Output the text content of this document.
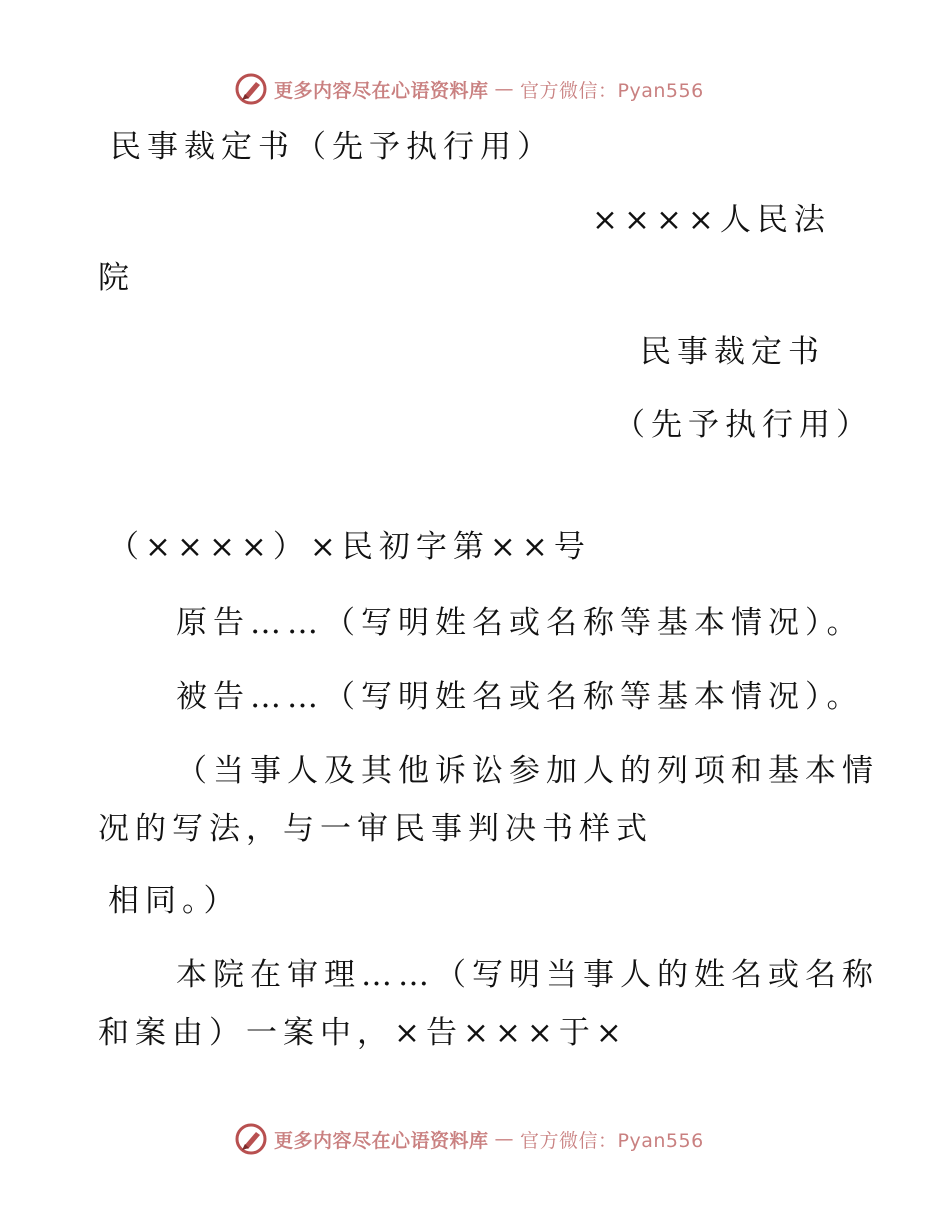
更多内容尽在心语资料库 — 官方微信：Pyan556
民事裁定书（先予执行用）
××××人民法
院
民事裁定书
（先予执行用）
（××××）×民初字第××号
原告……（写明姓名或名称等基本情况）。
被告……（写明姓名或名称等基本情况）。
（当事人及其他诉讼参加人的列项和基本情
况的写法，与一审民事判决书样式
相同。）
本院在审理……（写明当事人的姓名或名称
和案由）一案中，×告×××于×
更多内容尽在心语资料库 — 官方微信：Pyan556
